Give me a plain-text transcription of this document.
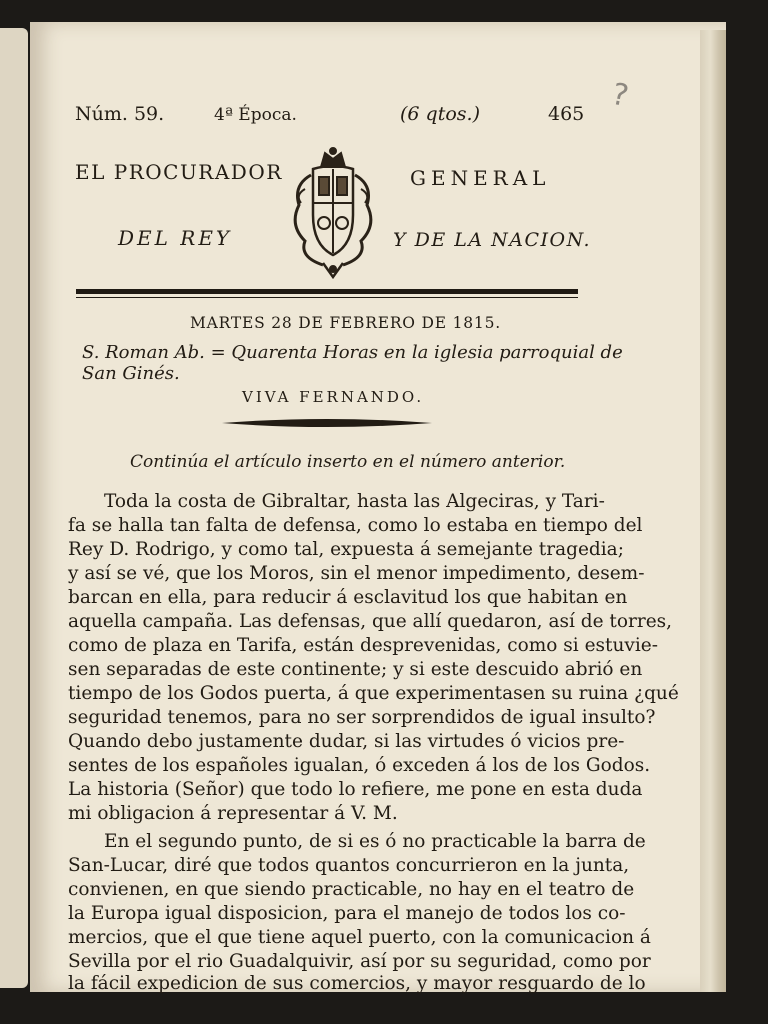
Núm. 59.	4ª Época.	(6 qtos.)	465 ?
EL PROCURADOR	GENERAL
DEL REY	Y DE LA NACION.
MARTES 28 DE FEBRERO DE 1815.
S. Roman Ab. = Quarenta Horas en la iglesia parroquial de
San Ginés.
VIVA FERNANDO.
Continúa el artículo inserto en el número anterior.
Toda la costa de Gibraltar, hasta las Algeciras, y Tari-
fa se halla tan falta de defensa, como lo estaba en tiempo del
Rey D. Rodrigo, y como tal, expuesta á semejante tragedia;
y así se vé, que los Moros, sin el menor impedimento, desem-
barcan en ella, para reducir á esclavitud los que habitan en
aquella campaña. Las defensas, que allí quedaron, así de torres,
como de plaza en Tarifa, están desprevenidas, como si estuvie-
sen separadas de este continente; y si este descuido abrió en
tiempo de los Godos puerta, á que experimentasen su ruina ¿qué
seguridad tenemos, para no ser sorprendidos de igual insulto?
Quando debo justamente dudar, si las virtudes ó vicios pre-
sentes de los españoles igualan, ó exceden á los de los Godos.
La historia (Señor) que todo lo refiere, me pone en esta duda
mi obligacion á representar á V. M.
En el segundo punto, de si es ó no practicable la barra de
San-Lucar, diré que todos quantos concurrieron en la junta,
convienen, en que siendo practicable, no hay en el teatro de
la Europa igual disposicion, para el manejo de todos los co-
mercios, que el que tiene aquel puerto, con la comunicacion á
Sevilla por el rio Guadalquivir, así por su seguridad, como por
la fácil expedicion de sus comercios, y mayor resguardo de lo
